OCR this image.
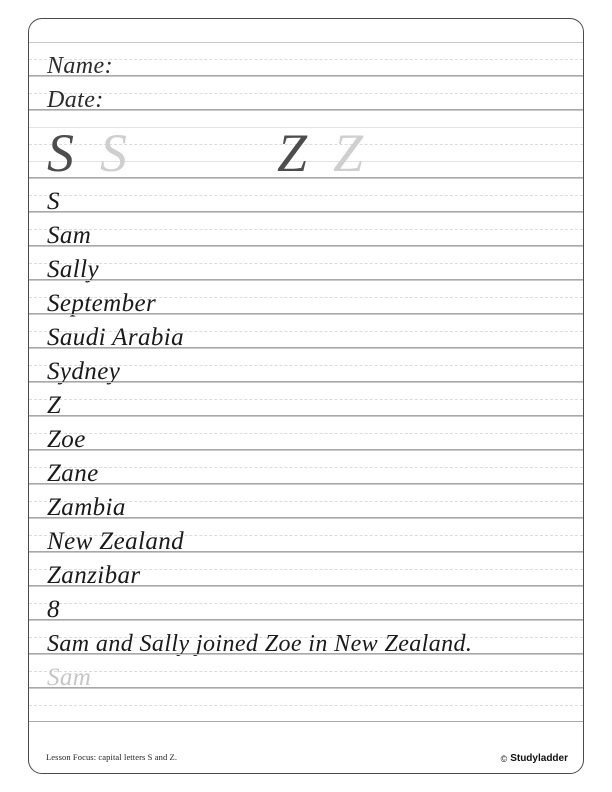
Name:
Date:
S S	Z Z
S
Sam
Sally
September
Saudi Arabia
Sydney
Z
Zoe
Zane
Zambia
New Zealand
Zanzibar
8
Sam and Sally joined Zoe in New Zealand.
Sam
Lesson Focus: capital letters S and Z.	© Studyladder
